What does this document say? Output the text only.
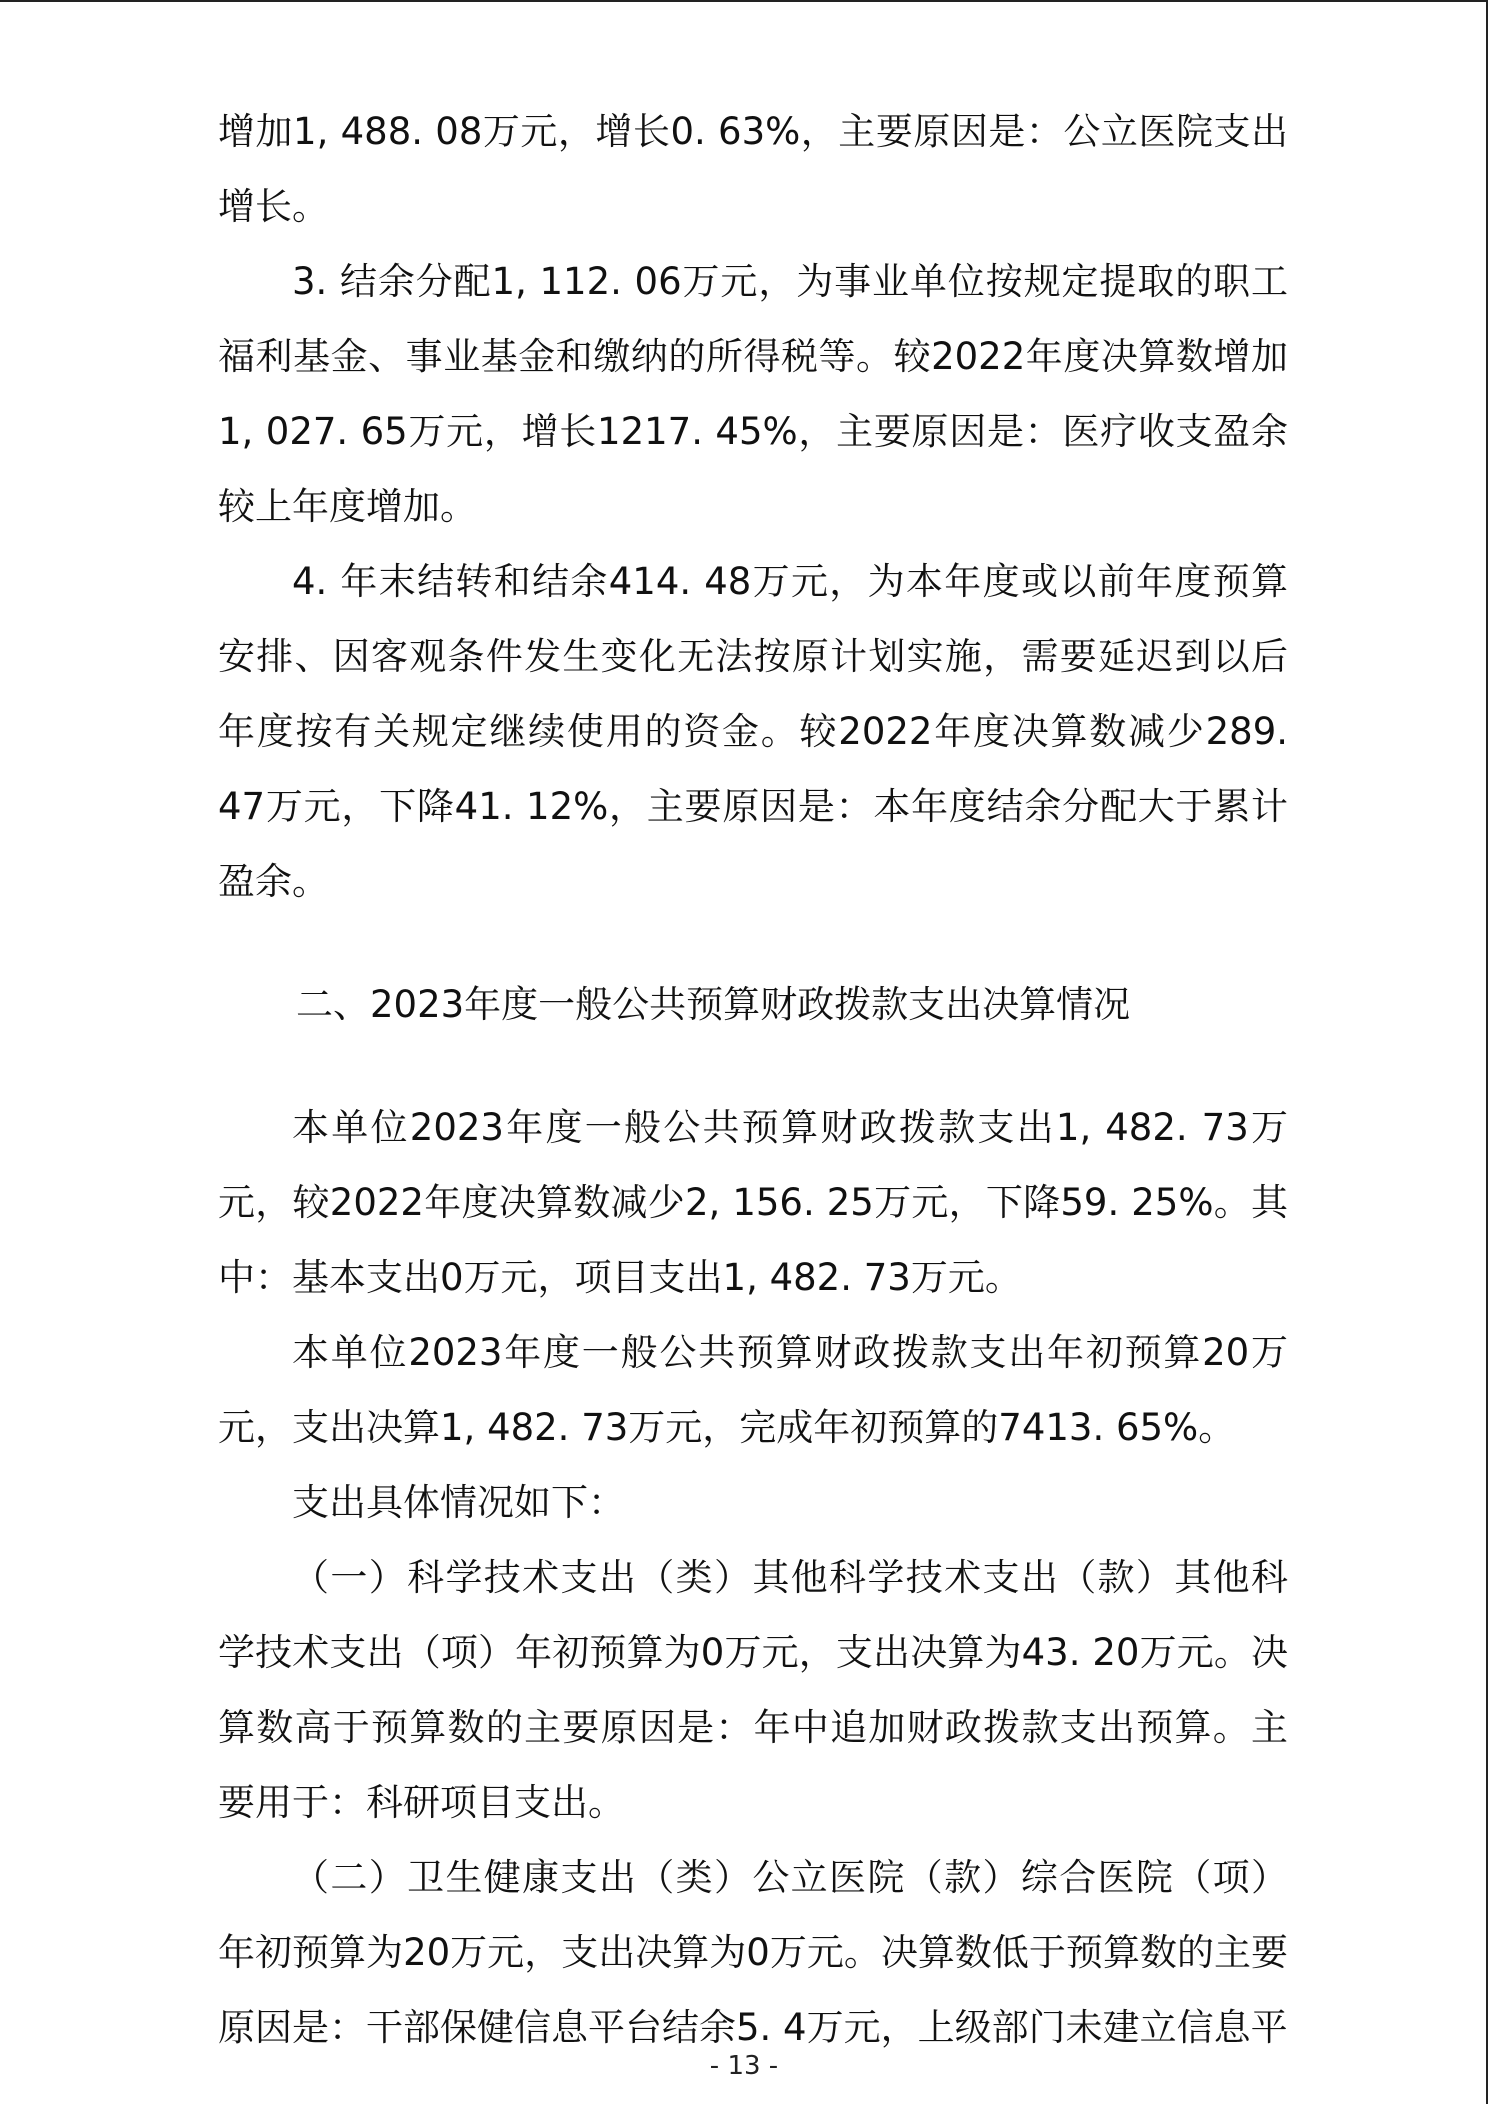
增加1, 488. 08万元，增长0. 63%，主要原因是：公立医院支出增长。

3. 结余分配1, 112. 06万元，为事业单位按规定提取的职工福利基金、事业基金和缴纳的所得税等。较2022年度决算数增加1, 027. 65万元，增长1217. 45%，主要原因是：医疗收支盈余较上年度增加。

4. 年末结转和结余414. 48万元，为本年度或以前年度预算安排、因客观条件发生变化无法按原计划实施，需要延迟到以后年度按有关规定继续使用的资金。较2022年度决算数减少289. 47万元，下降41. 12%，主要原因是：本年度结余分配大于累计盈余。

二、2023年度一般公共预算财政拨款支出决算情况

本单位2023年度一般公共预算财政拨款支出1, 482. 73万元，较2022年度决算数减少2, 156. 25万元，下降59. 25%。其中：基本支出0万元，项目支出1, 482. 73万元。

本单位2023年度一般公共预算财政拨款支出年初预算20万元，支出决算1, 482. 73万元，完成年初预算的7413. 65%。

支出具体情况如下：

（一）科学技术支出（类）其他科学技术支出（款）其他科学技术支出（项）年初预算为0万元，支出决算为43. 20万元。决算数高于预算数的主要原因是：年中追加财政拨款支出预算。主要用于：科研项目支出。

（二）卫生健康支出（类）公立医院（款）综合医院（项）年初预算为20万元，支出决算为0万元。决算数低于预算数的主要原因是：干部保健信息平台结余5. 4万元，上级部门未建立信息平

- 13 -
